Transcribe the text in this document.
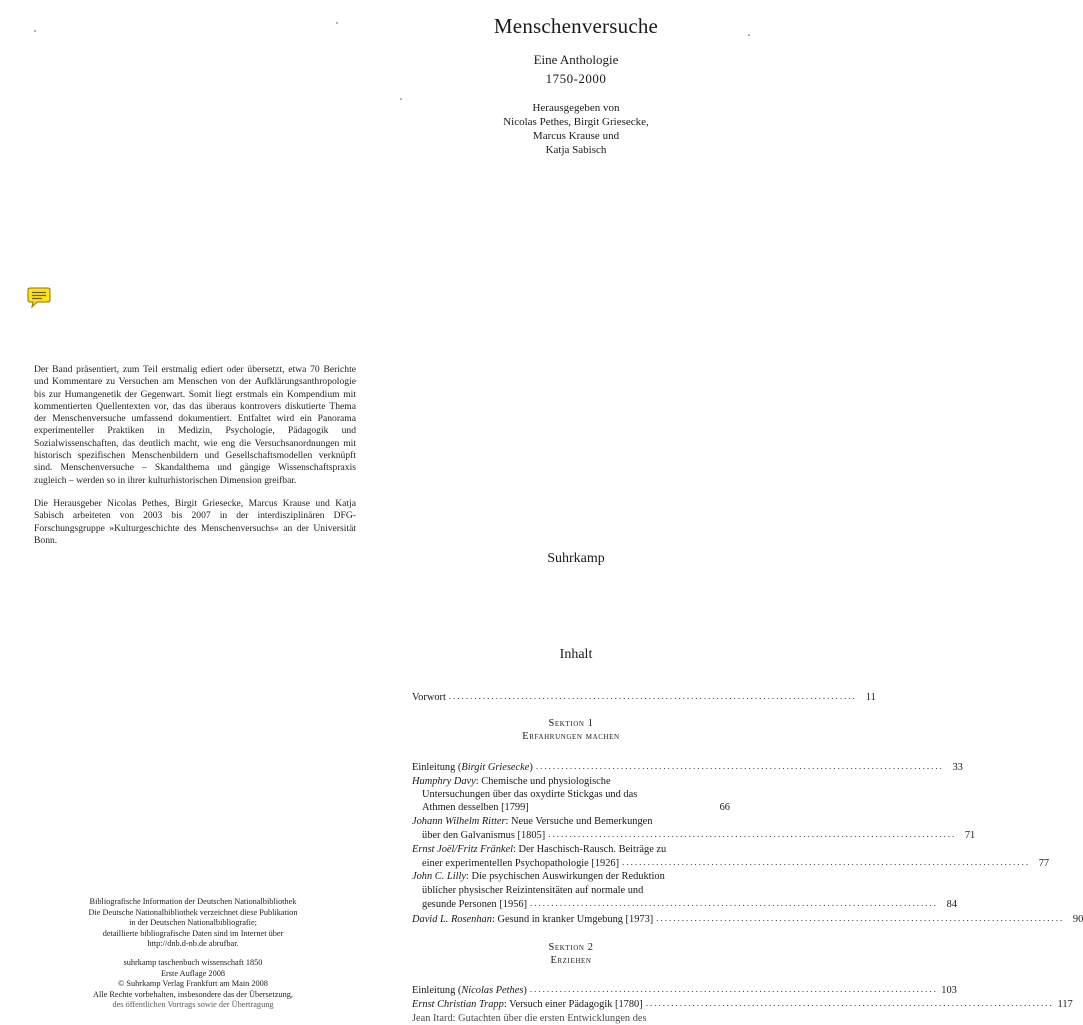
Der Band präsentiert, zum Teil erstmalig ediert oder übersetzt, etwa 70 Berichte und Kommentare zu Versuchen am Menschen von der Aufklärungsanthropologie bis zur Humangenetik der Gegenwart. Somit liegt erstmals ein Kompendium mit kommentierten Quellentexten vor, das das überaus kontrovers diskutierte Thema der Menschenversuche umfassend dokumentiert. Entfaltet wird ein Panorama experimenteller Praktiken in Medizin, Psychologie, Pädagogik und Sozialwissenschaften, das deutlich macht, wie eng die Versuchsanordnungen mit historisch spezifischen Menschenbildern und Gesellschaftsmodellen verknüpft sind. Menschenversuche – Skandalthema und gängige Wissenschaftspraxis zugleich – werden so in ihrer kulturhistorischen Dimension greifbar.

Die Herausgeber Nicolas Pethes, Birgit Griesecke, Marcus Krause und Katja Sabisch arbeiteten von 2003 bis 2007 in der interdisziplinären DFG-Forschungsgruppe »Kulturgeschichte des Menschenversuchs« an der Universität Bonn.

Bibliografische Information der Deutschen Nationalbibliothek
Die Deutsche Nationalbibliothek verzeichnet diese Publikation
in der Deutschen Nationalbibliografie;
detaillierte bibliografische Daten sind im Internet über
http://dnb.d-nb.de abrufbar.
suhrkamp taschenbuch wissenschaft 1850
Erste Auflage 2008
© Suhrkamp Verlag Frankfurt am Main 2008
Alle Rechte vorbehalten, insbesondere das der Übersetzung,
des öffentlichen Vortrags sowie der Übertragung
Menschenversuche
Eine Anthologie
1750-2000
Herausgegeben von
Nicolas Pethes, Birgit Griesecke,
Marcus Krause und
Katja Sabisch
Suhrkamp
Inhalt
Vorwort ................................................................................................ 11
Sektion 1
Erfahrungen machen
Einleitung (Birgit Griesecke) ................................................................................................ 33
Humphry Davy: Chemische und physiologische
Untersuchungen über das oxydirte Stickgas und das
Athmen desselben [1799]	66
Johann Wilhelm Ritter: Neue Versuche und Bemerkungen
über den Galvanismus [1805] ................................................................................................ 71
Ernst Joël/Fritz Fränkel: Der Haschisch-Rausch. Beiträge zu
einer experimentellen Psychopathologie [1926] ................................................................................................ 77
John C. Lilly: Die psychischen Auswirkungen der Reduktion
üblicher physischer Reizintensitäten auf normale und
gesunde Personen [1956] ................................................................................................ 84
David L. Rosenhan: Gesund in kranker Umgebung [1973] ................................................................................................ 90
Sektion 2
Erziehen
Einleitung (Nicolas Pethes) ................................................................................................ 103
Ernst Christian Trapp: Versuch einer Pädagogik [1780] ................................................................................................ 117
Jean Itard: Gutachten über die ersten Entwicklungen des
